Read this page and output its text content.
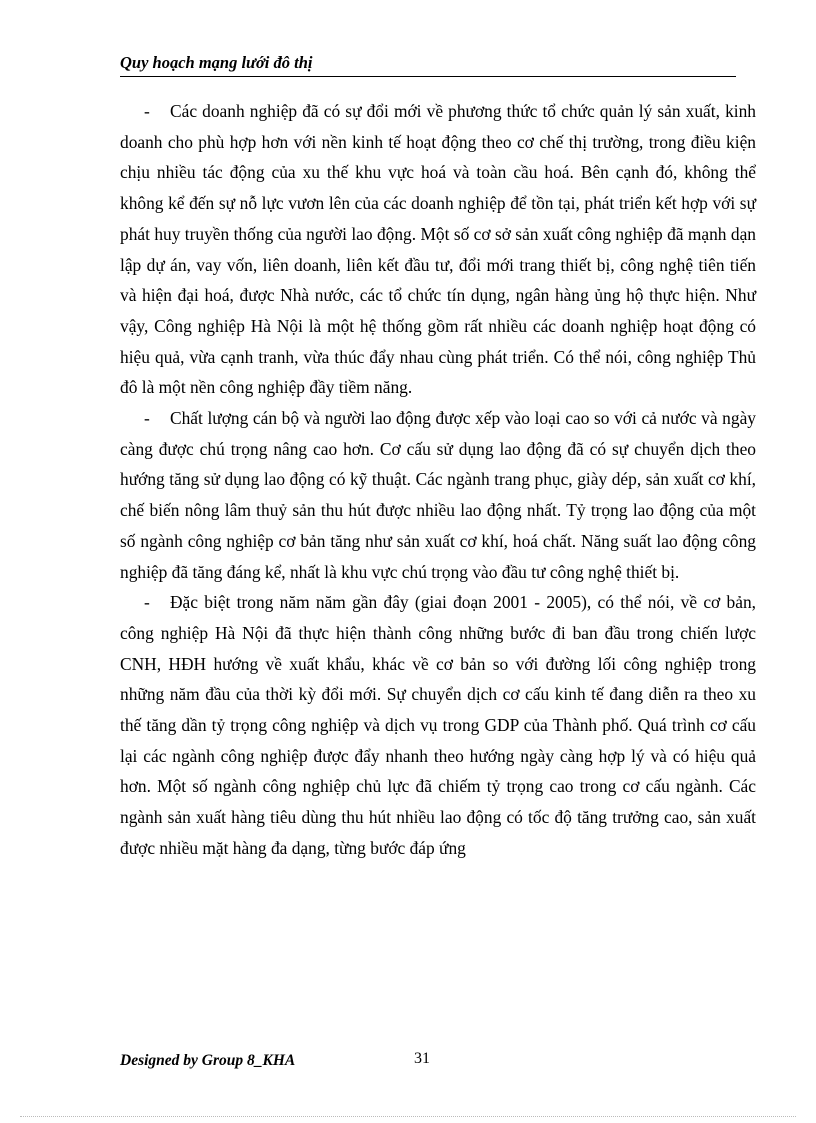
Quy hoạch mạng lưới đô thị

- Các doanh nghiệp đã có sự đổi mới về phương thức tổ chức quản lý sản xuất, kinh doanh cho phù hợp hơn với nền kinh tế hoạt động theo cơ chế thị trường, trong điều kiện chịu nhiều tác động của xu thế khu vực hoá và toàn cầu hoá. Bên cạnh đó, không thể không kể đến sự nỗ lực vươn lên của các doanh nghiệp để tồn tại, phát triển kết hợp với sự phát huy truyền thống của người lao động. Một số cơ sở sản xuất công nghiệp đã mạnh dạn lập dự án, vay vốn, liên doanh, liên kết đầu tư, đổi mới trang thiết bị, công nghệ tiên tiến và hiện đại hoá, được Nhà nước, các tổ chức tín dụng, ngân hàng ủng hộ thực hiện. Như vậy, Công nghiệp Hà Nội là một hệ thống gồm rất nhiều các doanh nghiệp hoạt động có hiệu quả, vừa cạnh tranh, vừa thúc đẩy nhau cùng phát triển. Có thể nói, công nghiệp Thủ đô là một nền công nghiệp đầy tiềm năng.

- Chất lượng cán bộ và người lao động được xếp vào loại cao so với cả nước và ngày càng được chú trọng nâng cao hơn. Cơ cấu sử dụng lao động đã có sự chuyển dịch theo hướng tăng sử dụng lao động có kỹ thuật. Các ngành trang phục, giày dép, sản xuất cơ khí, chế biến nông lâm thuỷ sản thu hút được nhiều lao động nhất. Tỷ trọng lao động của một số ngành công nghiệp cơ bản tăng như sản xuất cơ khí, hoá chất. Năng suất lao động công nghiệp đã tăng đáng kể, nhất là khu vực chú trọng vào đầu tư công nghệ thiết bị.

- Đặc biệt trong năm năm gần đây (giai đoạn 2001 - 2005), có thể nói, về cơ bản, công nghiệp Hà Nội đã thực hiện thành công những bước đi ban đầu trong chiến lược CNH, HĐH hướng về xuất khẩu, khác về cơ bản so với đường lối công nghiệp trong những năm đầu của thời kỳ đổi mới. Sự chuyển dịch cơ cấu kinh tế đang diễn ra theo xu thế tăng dần tỷ trọng công nghiệp và dịch vụ trong GDP của Thành phố. Quá trình cơ cấu lại các ngành công nghiệp được đẩy nhanh theo hướng ngày càng hợp lý và có hiệu quả hơn. Một số ngành công nghiệp chủ lực đã chiếm tỷ trọng cao trong cơ cấu ngành. Các ngành sản xuất hàng tiêu dùng thu hút nhiều lao động có tốc độ tăng trưởng cao, sản xuất được nhiều mặt hàng đa dạng, từng bước đáp ứng

Designed by Group 8_KHA	31
